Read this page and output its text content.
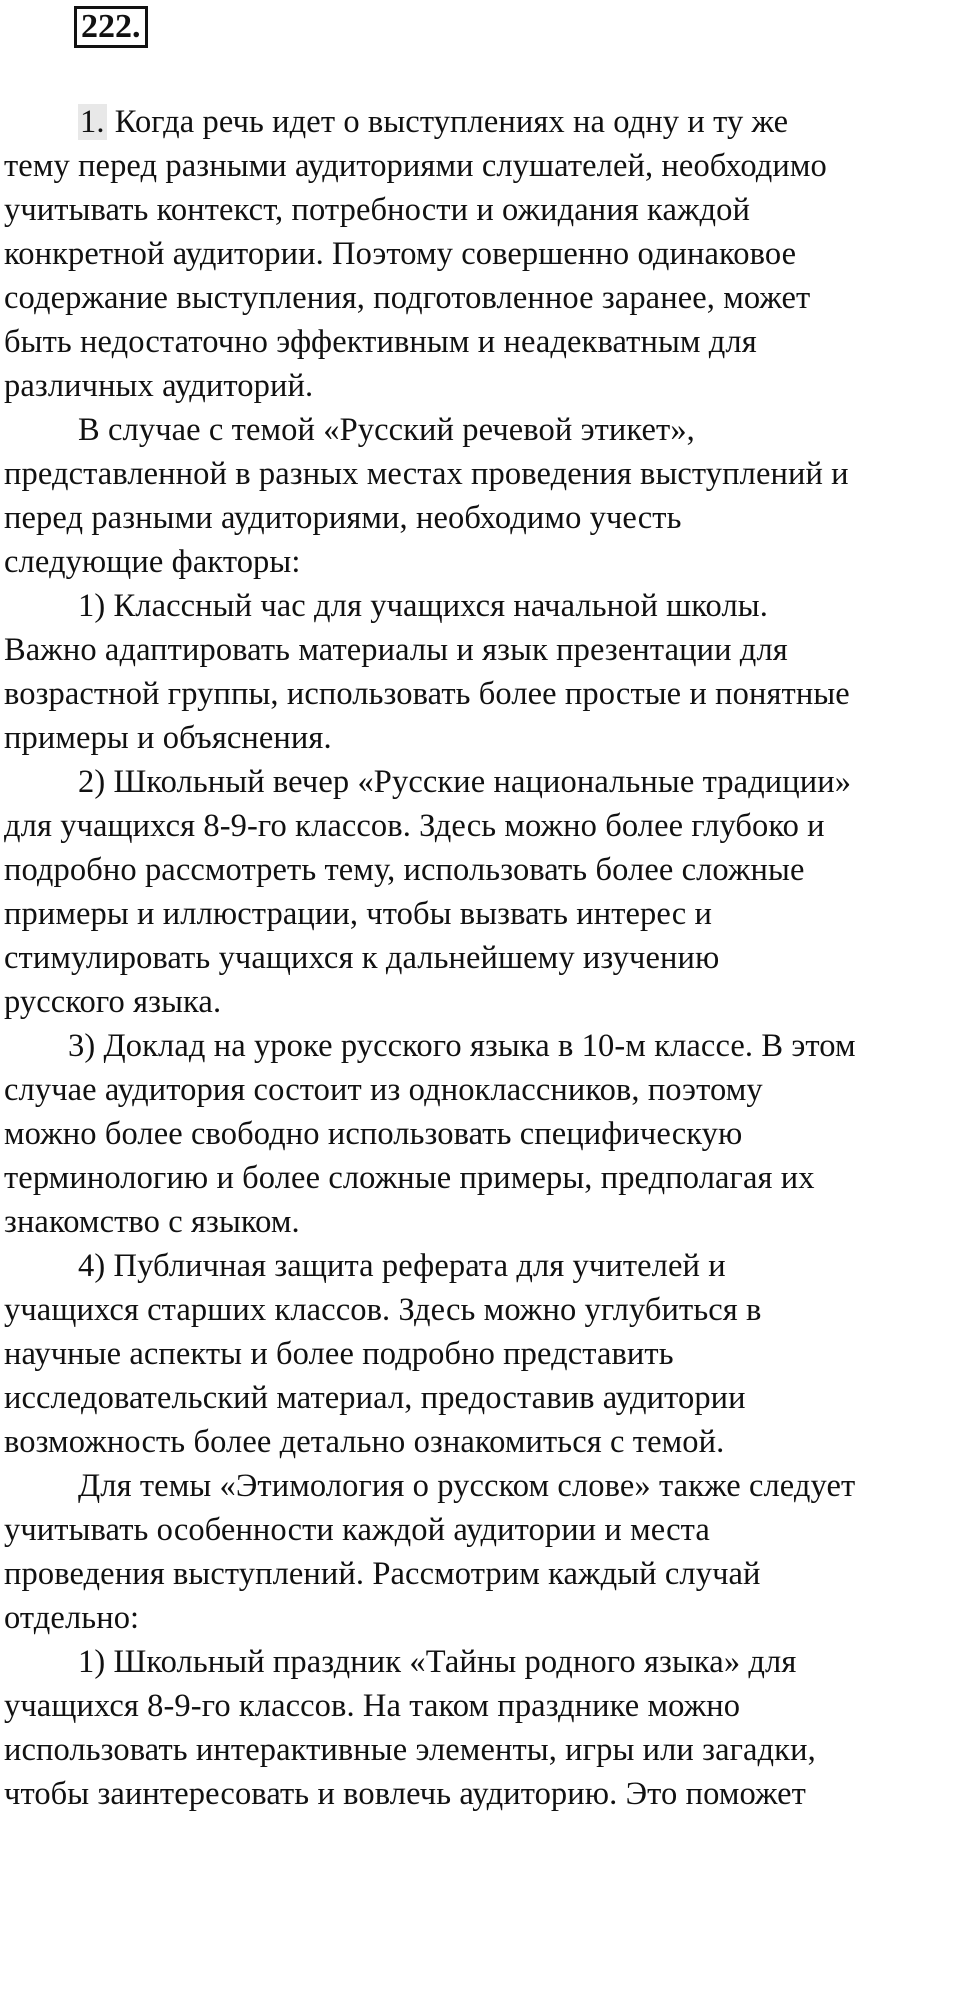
222.
1. Когда речь идет о выступлениях на одну и ту же
тему перед разными аудиториями слушателей, необходимо
учитывать контекст, потребности и ожидания каждой
конкретной аудитории. Поэтому совершенно одинаковое
содержание выступления, подготовленное заранее, может
быть недостаточно эффективным и неадекватным для
различных аудиторий.
В случае с темой «Русский речевой этикет»,
представленной в разных местах проведения выступлений и
перед разными аудиториями, необходимо учесть
следующие факторы:
1) Классный час для учащихся начальной школы.
Важно адаптировать материалы и язык презентации для
возрастной группы, использовать более простые и понятные
примеры и объяснения.
2) Школьный вечер «Русские национальные традиции»
для учащихся 8-9-го классов. Здесь можно более глубоко и
подробно рассмотреть тему, использовать более сложные
примеры и иллюстрации, чтобы вызвать интерес и
стимулировать учащихся к дальнейшему изучению
русского языка.
3) Доклад на уроке русского языка в 10-м классе. В этом
случае аудитория состоит из одноклассников, поэтому
можно более свободно использовать специфическую
терминологию и более сложные примеры, предполагая их
знакомство с языком.
4) Публичная защита реферата для учителей и
учащихся старших классов. Здесь можно углубиться в
научные аспекты и более подробно представить
исследовательский материал, предоставив аудитории
возможность более детально ознакомиться с темой.
Для темы «Этимология о русском слове» также следует
учитывать особенности каждой аудитории и места
проведения выступлений. Рассмотрим каждый случай
отдельно:
1) Школьный праздник «Тайны родного языка» для
учащихся 8-9-го классов. На таком празднике можно
использовать интерактивные элементы, игры или загадки,
чтобы заинтересовать и вовлечь аудиторию. Это поможет
